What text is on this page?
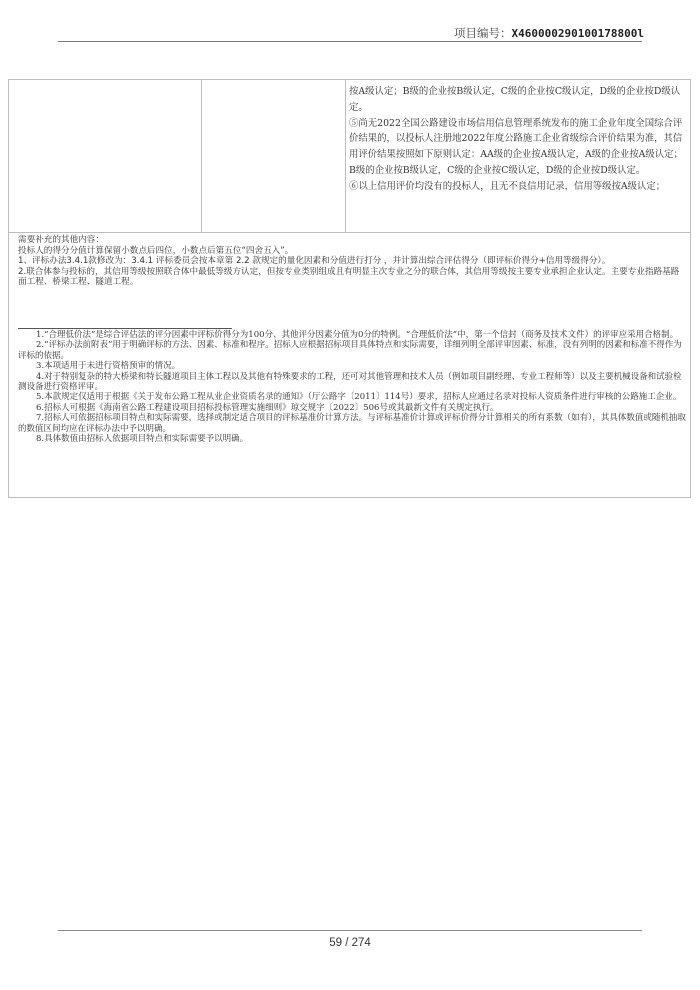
项目编号：X460000290100178800l

按A级认定；B级的企业按B级认定，C级的企业按C级认定，D级的企业按D级认定。

⑤尚无2022全国公路建设市场信用信息管理系统发布的施工企业年度全国综合评价结果的，以投标人注册地2022年度公路施工企业省级综合评价结果为准，其信用评价结果按照如下原则认定：AA级的企业按A级认定，A级的企业按A级认定；B级的企业按B级认定，C级的企业按C级认定，D级的企业按D级认定。

⑥以上信用评价均没有的投标人，且无不良信用记录，信用等级按A级认定；

需要补充的其他内容：

投标人的得分分值计算保留小数点后四位，小数点后第五位“四舍五入”。

1、评标办法3.4.1款修改为：3.4.1 评标委员会按本章第 2.2 款规定的量化因素和分值进行打分 ，并计算出综合评估得分（即评标价得分+信用等级得分）。

2.联合体参与投标的，其信用等级按照联合体中最低等级方认定，但按专业类别组成且有明显主次专业之分的联合体，其信用等级按主要专业承担企业认定。主要专业指路基路面工程、桥梁工程、隧道工程。

1.“合理低价法”是综合评估法的评分因素中评标价得分为100分、其他评分因素分值为0分的特例。“合理低价法”中，第一个信封（商务及技术文件）的评审应采用合格制。

2.“评标办法前附表”用于明确评标的方法、因素、标准和程序。招标人应根据招标项目具体特点和实际需要，详细列明全部评审因素、标准，没有列明的因素和标准不得作为评标的依据。

3.本项适用于未进行资格预审的情况。

4.对于特别复杂的特大桥梁和特长隧道项目主体工程以及其他有特殊要求的工程，还可对其他管理和技术人员（例如项目副经理、专业工程师等）以及主要机械设备和试验检测设备进行资格评审。

5.本款规定仅适用于根据《关于发布公路工程从业企业资质名录的通知》（厅公路字〔2011〕114号）要求，招标人应通过名录对投标人资质条件进行审核的公路施工企业。

6.招标人可根据《海南省公路工程建设项目招标投标管理实施细则》琼交规字〔2022〕506号或其最新文件有关规定执行。

7.招标人可依据招标项目特点和实际需要，选择或制定适合项目的评标基准价计算方法。与评标基准价计算或评标价得分计算相关的所有系数（如有），其具体数值或随机抽取的数值区间均应在评标办法中予以明确。

8.具体数值由招标人依据项目特点和实际需要予以明确。

59 / 274
